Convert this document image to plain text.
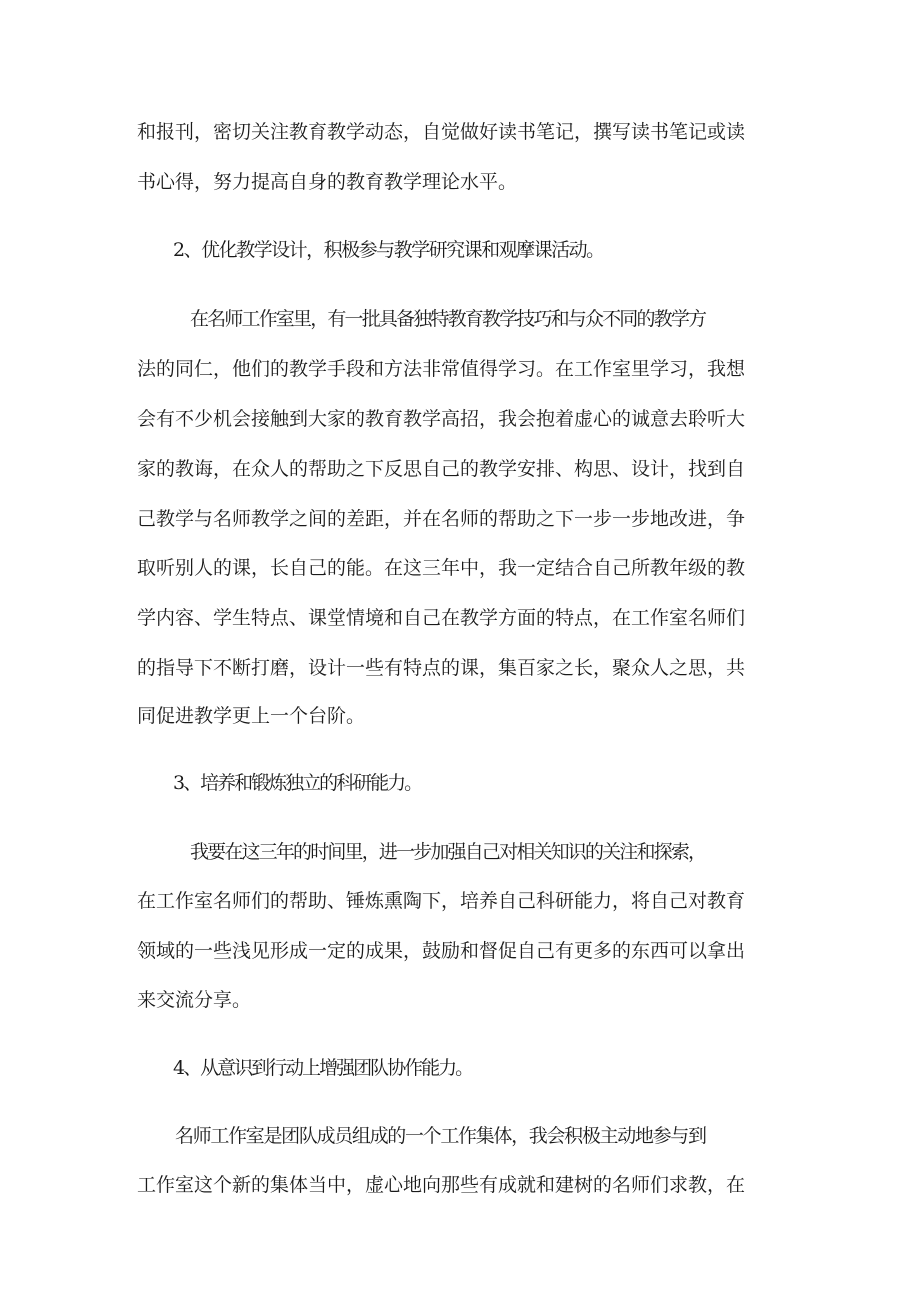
和报刊，密切关注教育教学动态，自觉做好读书笔记，撰写读书笔记或读
书心得，努力提高自身的教育教学理论水平。
2、优化教学设计，积极参与教学研究课和观摩课活动。
在名师工作室里，有一批具备独特教育教学技巧和与众不同的教学方
法的同仁，他们的教学手段和方法非常值得学习。在工作室里学习，我想
会有不少机会接触到大家的教育教学高招，我会抱着虚心的诚意去聆听大
家的教诲，在众人的帮助之下反思自己的教学安排、构思、设计，找到自
己教学与名师教学之间的差距，并在名师的帮助之下一步一步地改进，争
取听别人的课，长自己的能。在这三年中，我一定结合自己所教年级的教
学内容、学生特点、课堂情境和自己在教学方面的特点，在工作室名师们
的指导下不断打磨，设计一些有特点的课，集百家之长，聚众人之思，共
同促进教学更上一个台阶。
3、培养和锻炼独立的科研能力。
我要在这三年的时间里，进一步加强自己对相关知识的关注和探索，
在工作室名师们的帮助、锤炼熏陶下，培养自己科研能力，将自己对教育
领域的一些浅见形成一定的成果，鼓励和督促自己有更多的东西可以拿出
来交流分享。
4、从意识到行动上增强团队协作能力。
名师工作室是团队成员组成的一个工作集体，我会积极主动地参与到
工作室这个新的集体当中，虚心地向那些有成就和建树的名师们求教，在
